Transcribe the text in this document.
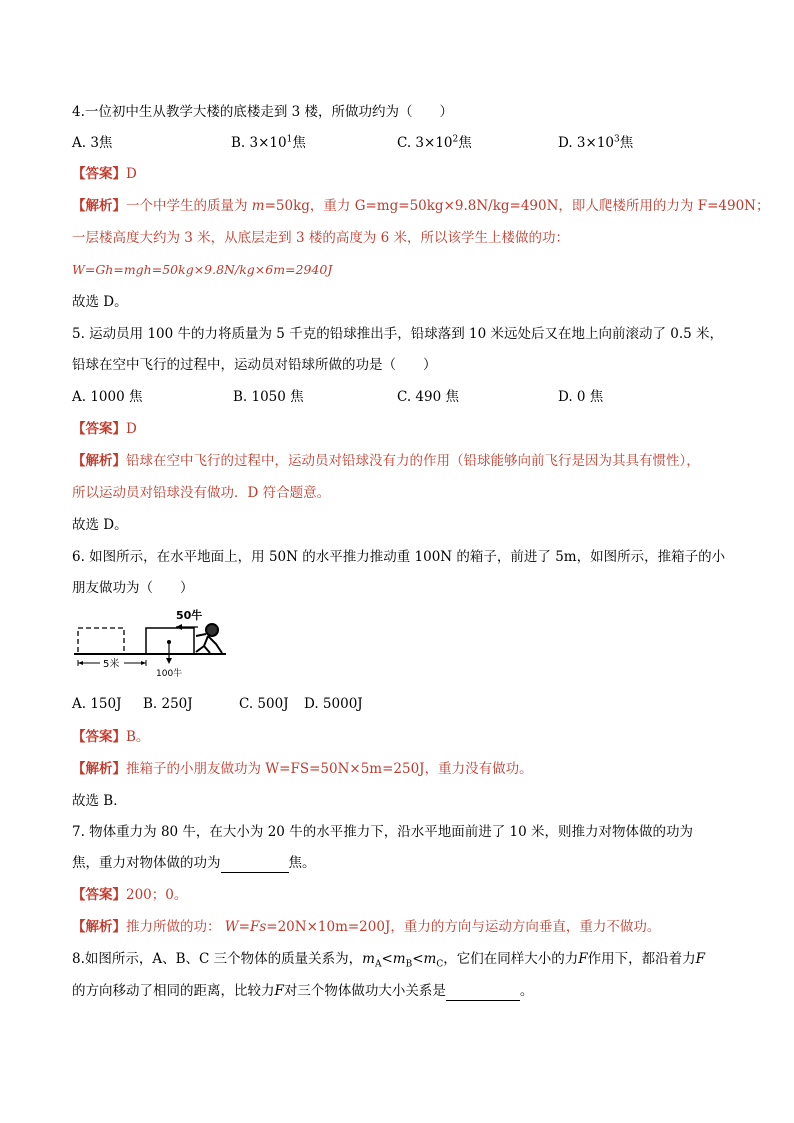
4.一位初中生从教学大楼的底楼走到 3 楼，所做功约为（　　）
A. 3焦	B. $3\times 10^1$焦	C. $3\times 10^2$焦	D. $3\times 10^3$焦
【答案】D
【解析】一个中学生的质量为 m=50kg，重力 G=mg=50kg×9.8N/kg=490N，即人爬楼所用的力为 F=490N；
一层楼高度大约为 3 米，从底层走到 3 楼的高度为 6 米，所以该学生上楼做的功：
W=Gh=mgh=50kg×9.8N/kg×6m=2940J
故选 D。
5. 运动员用 100 牛的力将质量为 5 千克的铅球推出手，铅球落到 10 米远处后又在地上向前滚动了 0.5 米，
铅球在空中飞行的过程中，运动员对铅球所做的功是（　　）
A. 1000 焦	B. 1050 焦	C. 490 焦	D. 0 焦
【答案】D
【解析】铅球在空中飞行的过程中，运动员对铅球没有力的作用（铅球能够向前飞行是因为其具有惯性），
所以运动员对铅球没有做功．D 符合题意。
故选 D。
6. 如图所示，在水平地面上，用 50N 的水平推力推动重 100N 的箱子，前进了 5m，如图所示，推箱子的小
朋友做功为（　　）
50牛
5米
100牛
A. 150J B. 250J	C. 500J D. 5000J
【答案】B。
【解析】推箱子的小朋友做功为 W=FS=50N×5m=250J，重力没有做功。
故选 B．
7. 物体重力为 80 牛，在大小为 20 牛的水平推力下，沿水平地面前进了 10 米，则推力对物体做的功为
焦，重力对物体做的功为	焦。
【答案】200；0。
【解析】推力所做的功： W=Fs=20N×10m=200J，重力的方向与运动方向垂直，重力不做功。
8.如图所示，A、B、C 三个物体的质量关系为，$m_A<m_B<m_C$，它们在同样大小的力F作用下，都沿着力F
的方向移动了相同的距离，比较力F对三个物体做功大小关系是	。
